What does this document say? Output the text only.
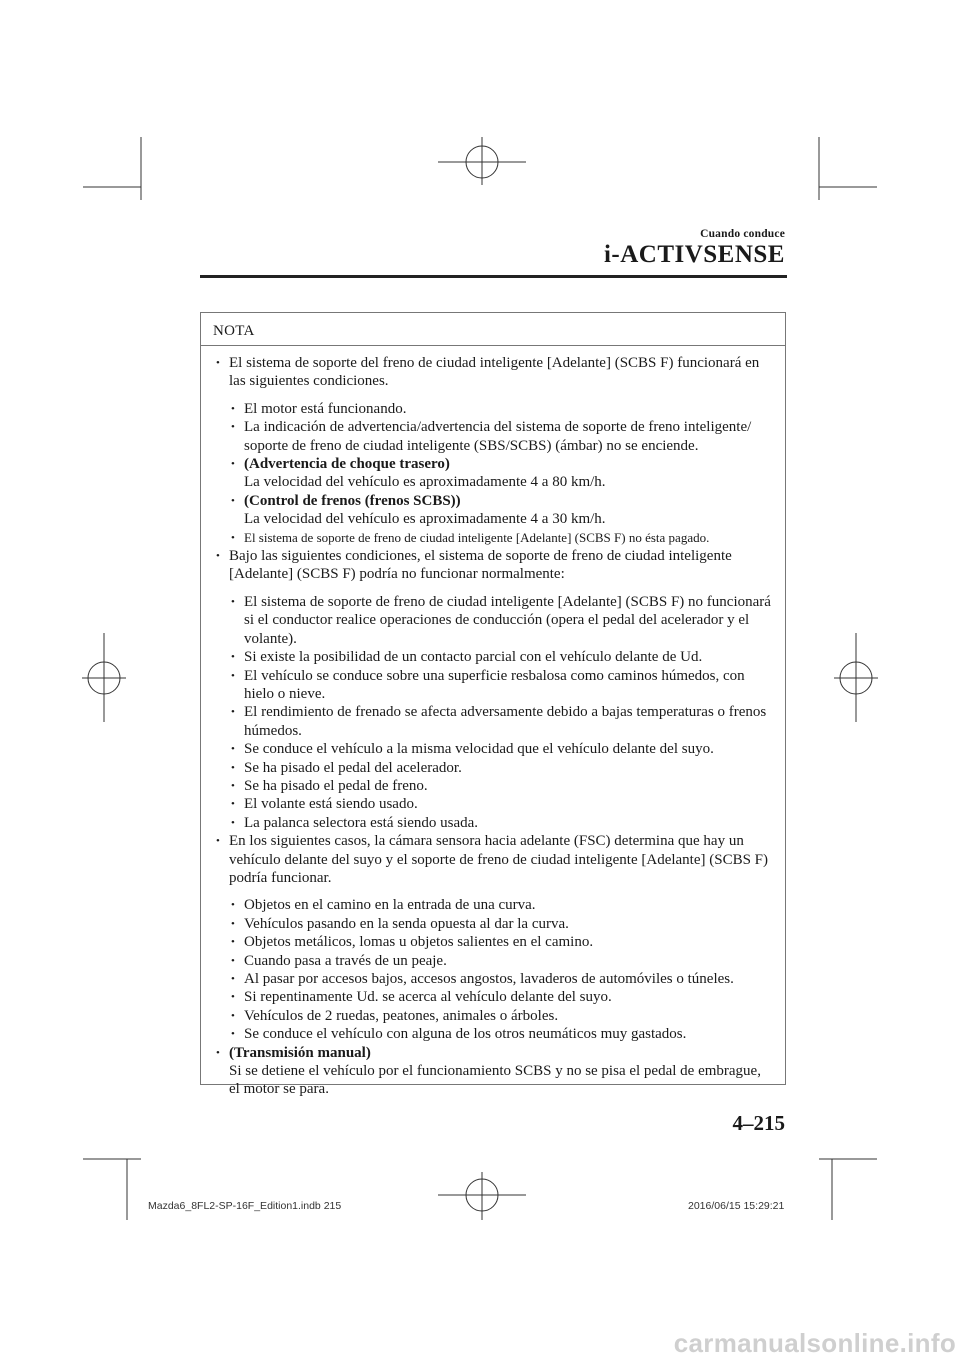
Cuando conduce
i-ACTIVSENSE
NOTA
• El sistema de soporte del freno de ciudad inteligente [Adelante] (SCBS F) funcionará en las siguientes condiciones.
• El motor está funcionando.
• La indicación de advertencia/advertencia del sistema de soporte de freno inteligente/ soporte de freno de ciudad inteligente (SBS/SCBS) (ámbar) no se enciende.
• (Advertencia de choque trasero)
La velocidad del vehículo es aproximadamente 4 a 80 km/h.
• (Control de frenos (frenos SCBS))
La velocidad del vehículo es aproximadamente 4 a 30 km/h.
• El sistema de soporte de freno de ciudad inteligente [Adelante] (SCBS F) no ésta pagado.
• Bajo las siguientes condiciones, el sistema de soporte de freno de ciudad inteligente [Adelante] (SCBS F) podría no funcionar normalmente:
• El sistema de soporte de freno de ciudad inteligente [Adelante] (SCBS F) no funcionará si el conductor realice operaciones de conducción (opera el pedal del acelerador y el volante).
• Si existe la posibilidad de un contacto parcial con el vehículo delante de Ud.
• El vehículo se conduce sobre una superficie resbalosa como caminos húmedos, con hielo o nieve.
• El rendimiento de frenado se afecta adversamente debido a bajas temperaturas o frenos húmedos.
• Se conduce el vehículo a la misma velocidad que el vehículo delante del suyo.
• Se ha pisado el pedal del acelerador.
• Se ha pisado el pedal de freno.
• El volante está siendo usado.
• La palanca selectora está siendo usada.
• En los siguientes casos, la cámara sensora hacia adelante (FSC) determina que hay un vehículo delante del suyo y el soporte de freno de ciudad inteligente [Adelante] (SCBS F) podría funcionar.
• Objetos en el camino en la entrada de una curva.
• Vehículos pasando en la senda opuesta al dar la curva.
• Objetos metálicos, lomas u objetos salientes en el camino.
• Cuando pasa a través de un peaje.
• Al pasar por accesos bajos, accesos angostos, lavaderos de automóviles o túneles.
• Si repentinamente Ud. se acerca al vehículo delante del suyo.
• Vehículos de 2 ruedas, peatones, animales o árboles.
• Se conduce el vehículo con alguna de los otros neumáticos muy gastados.
• (Transmisión manual)
Si se detiene el vehículo por el funcionamiento SCBS y no se pisa el pedal de embrague, el motor se para.
4–215
Mazda6_8FL2-SP-16F_Edition1.indb 215	2016/06/15 15:29:21
carmanualsonline.info
